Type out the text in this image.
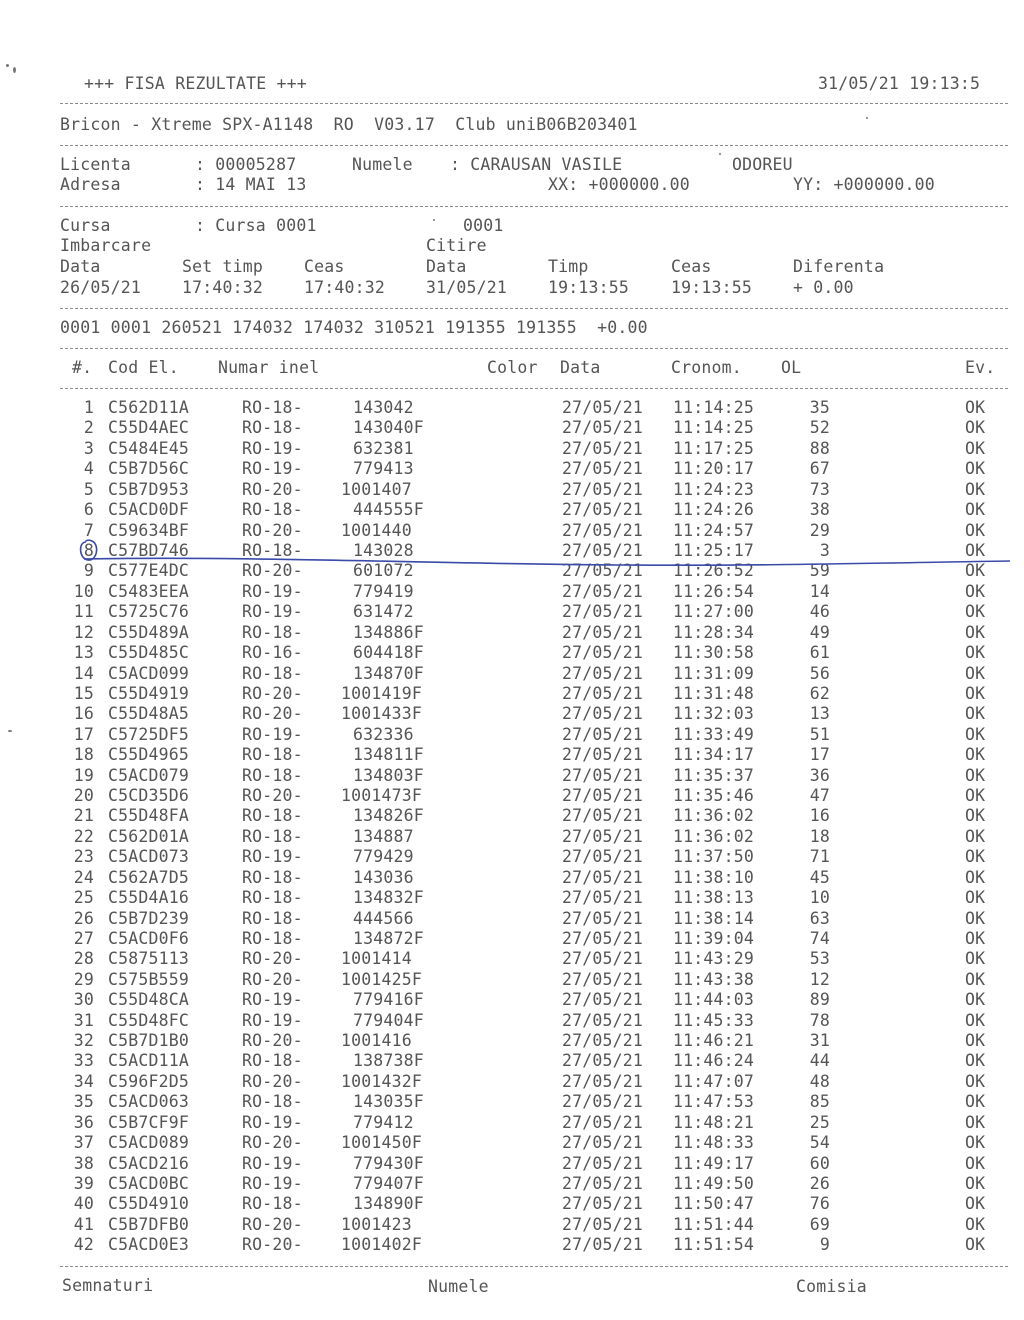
+++ FISA REZULTATE +++	31/05/21 19:13:5
Bricon - Xtreme SPX-A1148  RO  V03.17  Club uniB06B203401
Licenta	: 00005287	Numele : CARAUSAN VASILE	ODOREU
Adresa	: 14 MAI 13	XX: +000000.00	YY: +000000.00
Cursa	: Cursa 0001	0001
Imbarcare	Citire
Data	Set timp Ceas	Data	Timp	Ceas	Diferenta
26/05/21 17:40:32 17:40:32 31/05/21 19:13:55	19:13:55 + 0.00
0001 0001 260521 174032 174032 310521 191355 191355  +0.00
#. Cod El. Numar inel	Color Data	Cronom. OL	Ev.
1 C562D11A	RO-18-	143042	27/05/21 11:14:25	35	OK
2 C55D4AEC	RO-18-	143040F	27/05/21 11:14:25	52	OK
3 C5484E45	RO-19-	632381	27/05/21 11:17:25	88	OK
4 C5B7D56C	RO-19-	779413	27/05/21 11:20:17	67	OK
5 C5B7D953	RO-20- 1001407	27/05/21 11:24:23	73	OK
6 C5ACD0DF	RO-18-	444555F	27/05/21 11:24:26	38	OK
7 C59634BF	RO-20- 1001440	27/05/21 11:24:57	29	OK
8 C57BD746	RO-18-	143028	27/05/21 11:25:17	3	OK
9 C577E4DC	RO-20-	601072	27/05/21 11:26:52	59	OK
10 C5483EEA	RO-19-	779419	27/05/21 11:26:54	14	OK
11 C5725C76	RO-19-	631472	27/05/21 11:27:00	46	OK
12 C55D489A	RO-18-	134886F	27/05/21 11:28:34	49	OK
13 C55D485C	RO-16-	604418F	27/05/21 11:30:58	61	OK
14 C5ACD099	RO-18-	134870F	27/05/21 11:31:09	56	OK
15 C55D4919	RO-20- 1001419F	27/05/21 11:31:48	62	OK
16 C55D48A5	RO-20- 1001433F	27/05/21 11:32:03	13	OK
17 C5725DF5	RO-19-	632336	27/05/21 11:33:49	51	OK
18 C55D4965	RO-18-	134811F	27/05/21 11:34:17	17	OK
19 C5ACD079	RO-18-	134803F	27/05/21 11:35:37	36	OK
20 C5CD35D6	RO-20- 1001473F	27/05/21 11:35:46	47	OK
21 C55D48FA	RO-18-	134826F	27/05/21 11:36:02	16	OK
22 C562D01A	RO-18-	134887	27/05/21 11:36:02	18	OK
23 C5ACD073	RO-19-	779429	27/05/21 11:37:50	71	OK
24 C562A7D5	RO-18-	143036	27/05/21 11:38:10	45	OK
25 C55D4A16	RO-18-	134832F	27/05/21 11:38:13	10	OK
26 C5B7D239	RO-18-	444566	27/05/21 11:38:14	63	OK
27 C5ACD0F6	RO-18-	134872F	27/05/21 11:39:04	74	OK
28 C5875113	RO-20- 1001414	27/05/21 11:43:29	53	OK
29 C575B559	RO-20- 1001425F	27/05/21 11:43:38	12	OK
30 C55D48CA	RO-19-	779416F	27/05/21 11:44:03	89	OK
31 C55D48FC	RO-19-	779404F	27/05/21 11:45:33	78	OK
32 C5B7D1B0	RO-20- 1001416	27/05/21 11:46:21	31	OK
33 C5ACD11A	RO-18-	138738F	27/05/21 11:46:24	44	OK
34 C596F2D5	RO-20- 1001432F	27/05/21 11:47:07	48	OK
35 C5ACD063	RO-18-	143035F	27/05/21 11:47:53	85	OK
36 C5B7CF9F	RO-19-	779412	27/05/21 11:48:21	25	OK
37 C5ACD089	RO-20- 1001450F	27/05/21 11:48:33	54	OK
38 C5ACD216	RO-19-	779430F	27/05/21 11:49:17	60	OK
39 C5ACD0BC	RO-19-	779407F	27/05/21 11:49:50	26	OK
40 C55D4910	RO-18-	134890F	27/05/21 11:50:47	76	OK
41 C5B7DFB0	RO-20- 1001423	27/05/21 11:51:44	69	OK
42 C5ACD0E3	RO-20- 1001402F	27/05/21 11:51:54	9	OK
Semnaturi	Numele	Comisia
